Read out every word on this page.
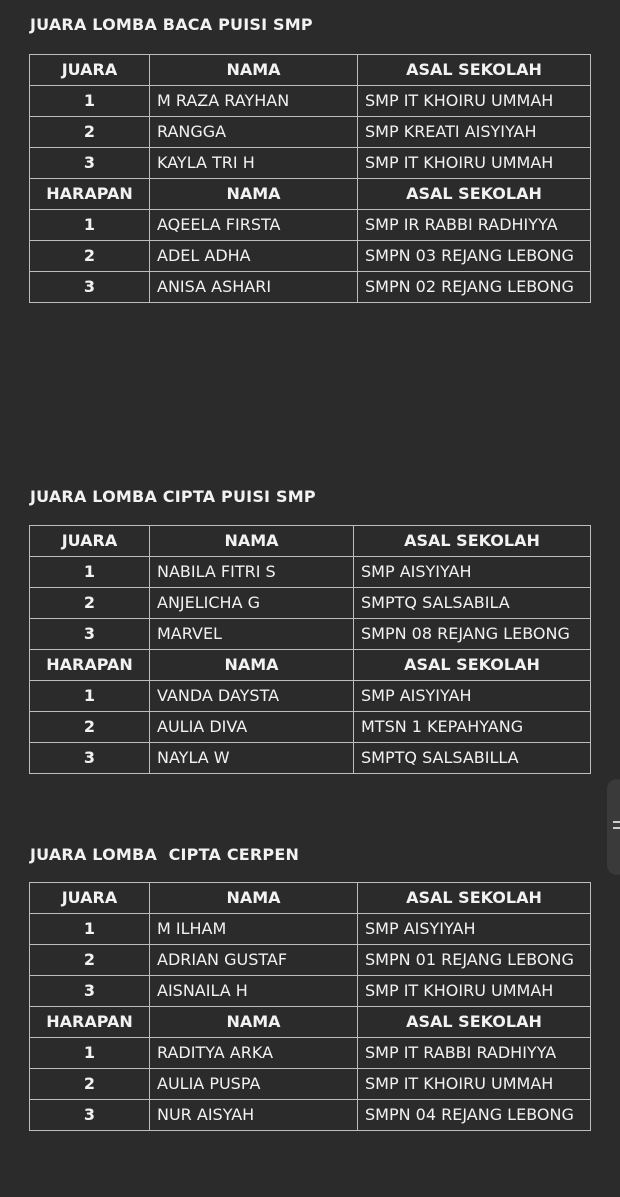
JUARA LOMBA BACA PUISI SMP
JUARA	NAMA	ASAL SEKOLAH
1	M RAZA RAYHAN	SMP IT KHOIRU UMMAH
2	RANGGA	SMP KREATI AISYIYAH
3	KAYLA TRI H	SMP IT KHOIRU UMMAH
HARAPAN	NAMA	ASAL SEKOLAH
1	AQEELA FIRSTA	SMP IR RABBI RADHIYYA
2	ADEL ADHA	SMPN 03 REJANG LEBONG
3	ANISA ASHARI	SMPN 02 REJANG LEBONG
JUARA LOMBA CIPTA PUISI SMP
JUARA	NAMA	ASAL SEKOLAH
1	NABILA FITRI S	SMP AISYIYAH
2	ANJELICHA G	SMPTQ SALSABILA
3	MARVEL	SMPN 08 REJANG LEBONG
HARAPAN	NAMA	ASAL SEKOLAH
1	VANDA DAYSTA	SMP AISYIYAH
2	AULIA DIVA	MTSN 1 KEPAHYANG
3	NAYLA W	SMPTQ SALSABILLA
JUARA LOMBA  CIPTA CERPEN
JUARA	NAMA	ASAL SEKOLAH
1	M ILHAM	SMP AISYIYAH
2	ADRIAN GUSTAF	SMPN 01 REJANG LEBONG
3	AISNAILA H	SMP IT KHOIRU UMMAH
HARAPAN	NAMA	ASAL SEKOLAH
1	RADITYA ARKA	SMP IT RABBI RADHIYYA
2	AULIA PUSPA	SMP IT KHOIRU UMMAH
3	NUR AISYAH	SMPN 04 REJANG LEBONG
